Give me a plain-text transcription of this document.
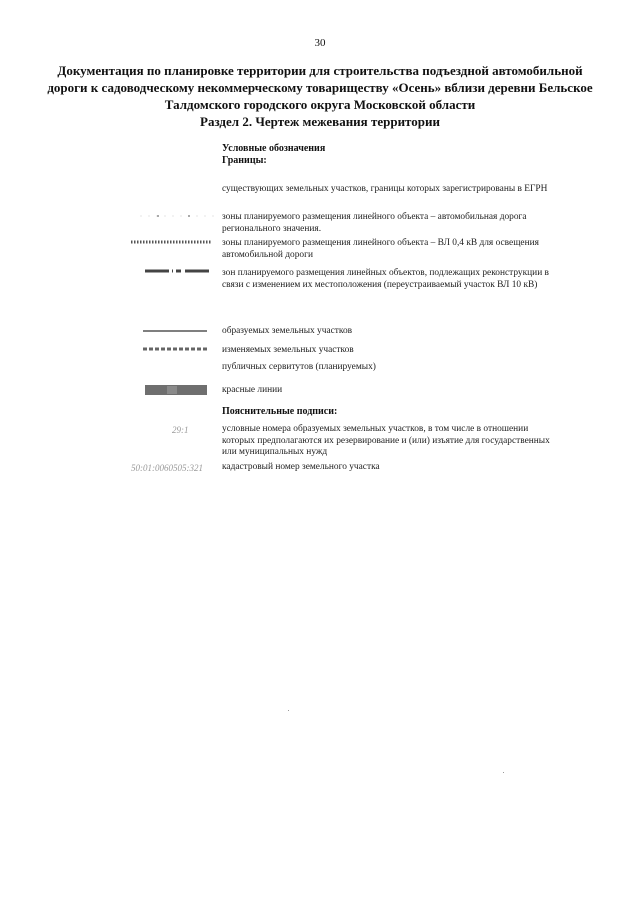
30
Документация по планировке территории для строительства подъездной автомобильной
дороги к садоводческому некоммерческому товариществу «Осень» вблизи деревни Бельское
Талдомского городского округа Московской области
Раздел 2. Чертеж межевания территории
Условные обозначения
Границы:
существующих земельных участков, границы которых зарегистрированы в ЕГРН
зоны планируемого размещения линейного объекта – автомобильная дорога регионального значения.
зоны планируемого размещения линейного объекта – ВЛ 0,4 кВ для освещения автомобильной дороги
зон планируемого размещения линейных объектов, подлежащих реконструкции в связи с изменением их местоположения (переустраиваемый участок ВЛ 10 кВ)
образуемых земельных участков
изменяемых земельных участков
публичных сервитутов (планируемых)
красные линии
Пояснительные подписи:
29:1	условные номера образуемых земельных участков, в том числе в отношении которых предполагаются их резервирование и (или) изъятие для государственных или муниципальных нужд
50:01:0060505:321 кадастровый номер земельного участка
